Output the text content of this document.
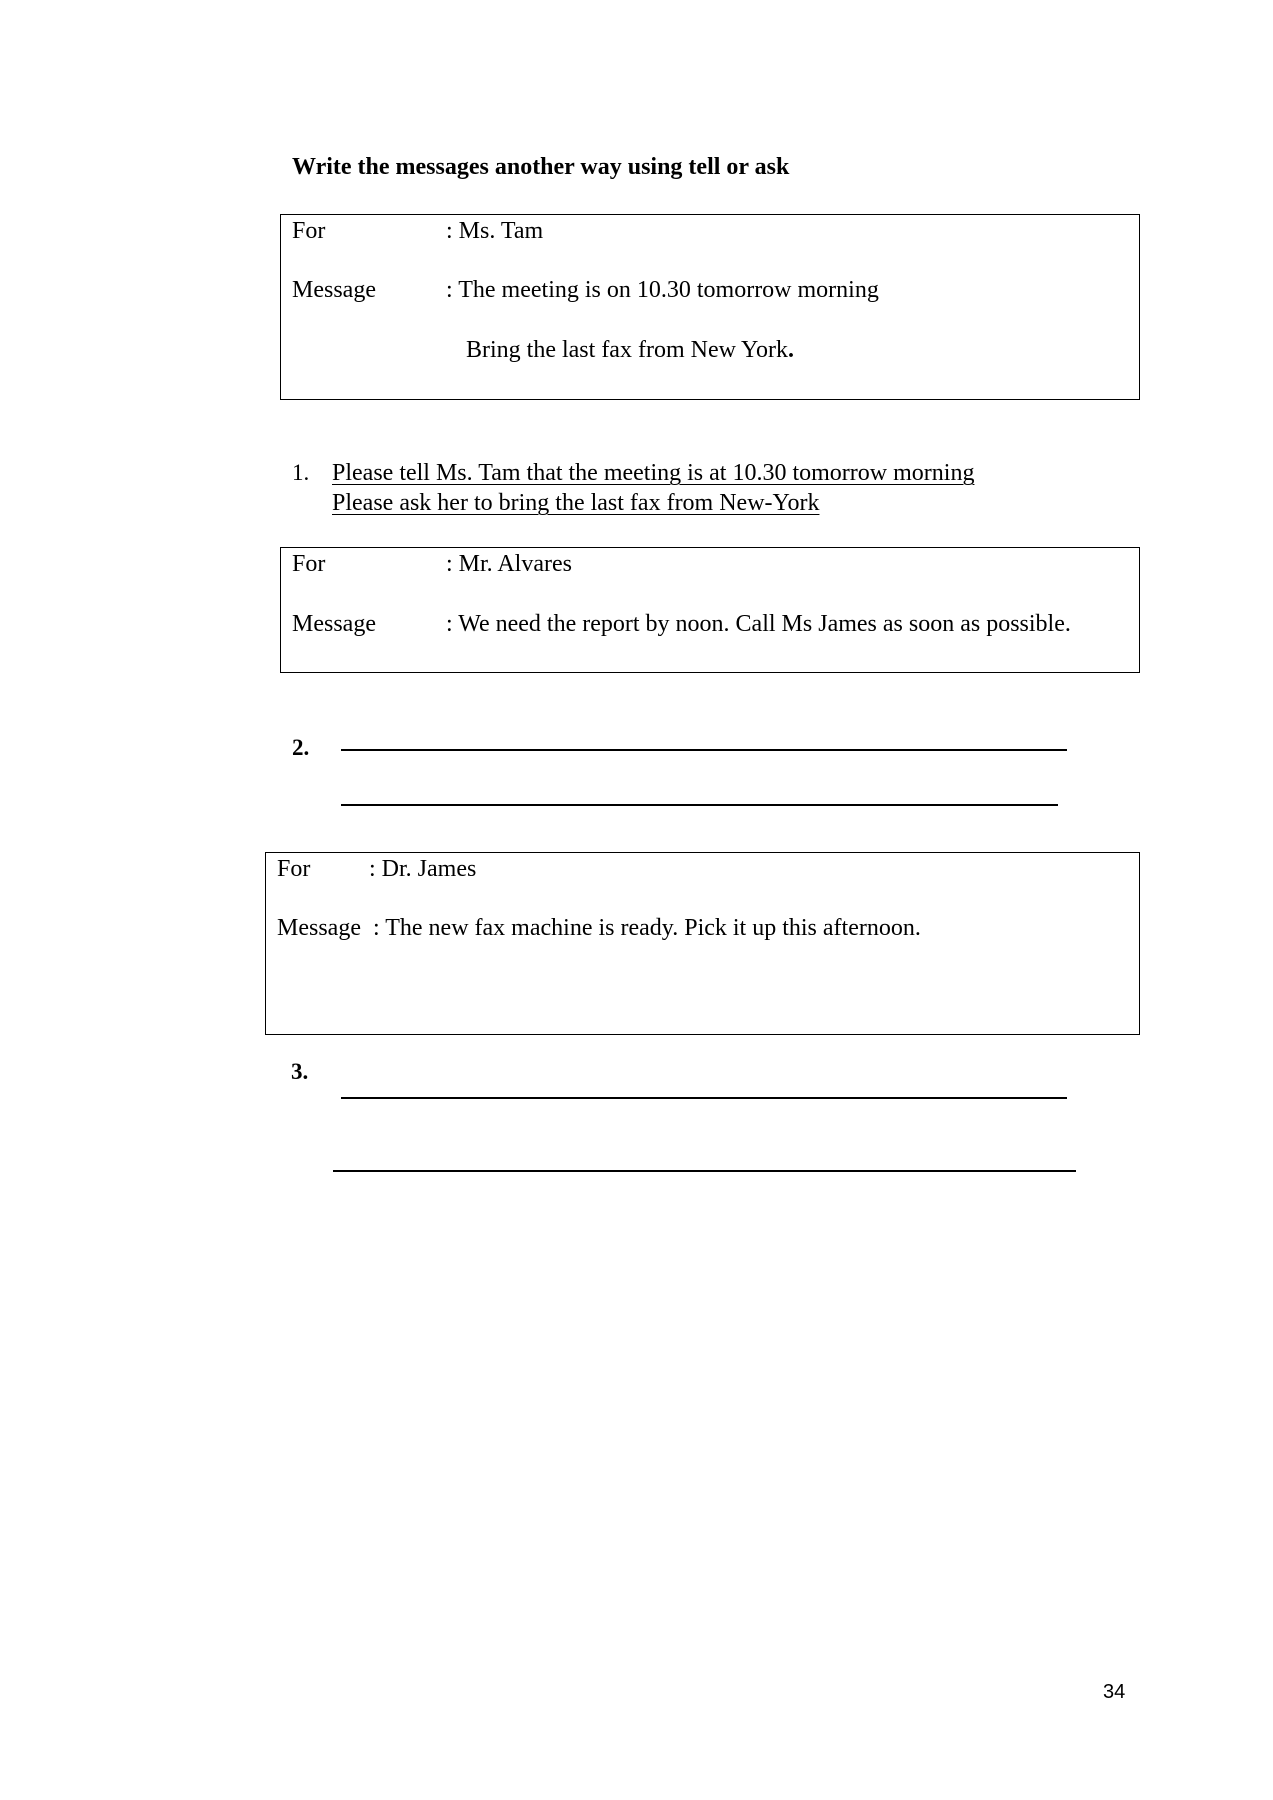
Write the messages another way using tell or ask
For	: Ms. Tam
Message	: The meeting is on 10.30 tomorrow morning
Bring the last fax from New York.
1. Please tell Ms. Tam that the meeting is at 10.30 tomorrow morning
Please ask her to bring the last fax from New-York
For	: Mr. Alvares
Message	: We need the report by noon. Call Ms James as soon as possible.
2.
For : Dr. James
Message : The new fax machine is ready. Pick it up this afternoon.
3.
34
